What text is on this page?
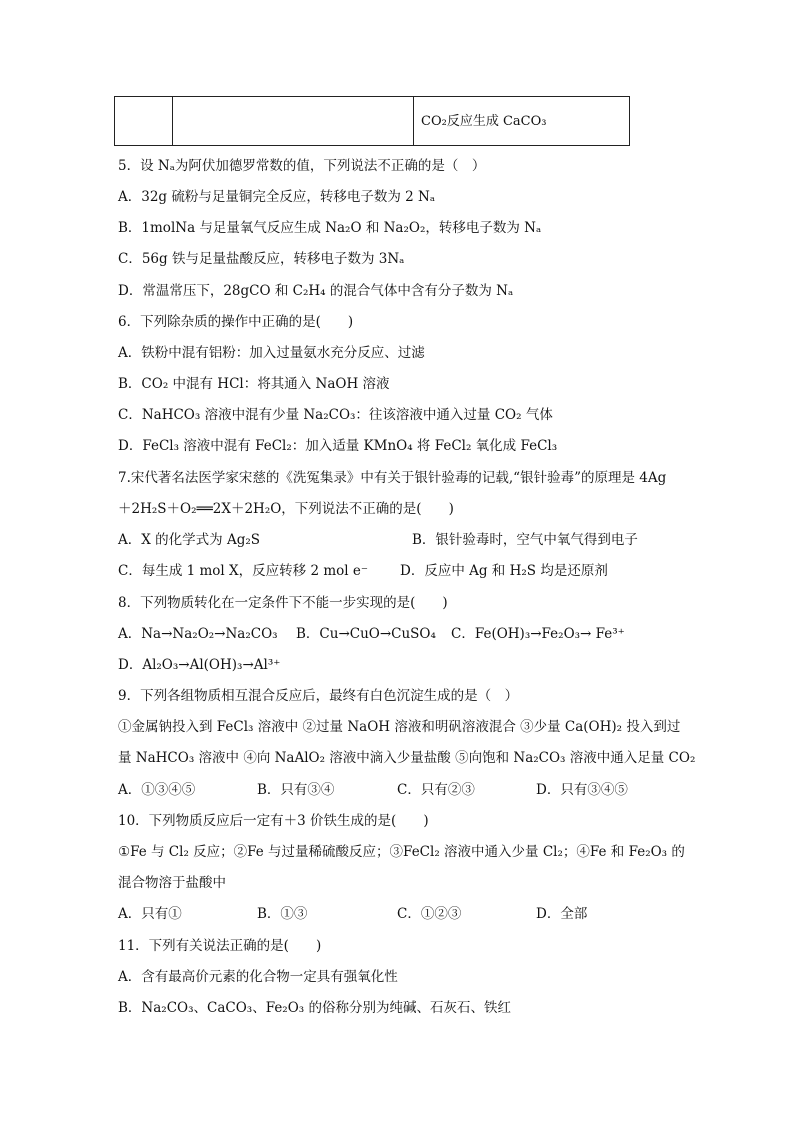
CO₂反应生成 CaCO₃
5．设 Nₐ为阿伏加德罗常数的值，下列说法不正确的是（　）
A．32g 硫粉与足量铜完全反应，转移电子数为 2 Nₐ
B．1molNa 与足量氧气反应生成 Na₂O 和 Na₂O₂，转移电子数为 Nₐ
C．56g 铁与足量盐酸反应，转移电子数为 3Nₐ
D．常温常压下，28gCO 和 C₂H₄ 的混合气体中含有分子数为 Nₐ
6．下列除杂质的操作中正确的是(　　)
A．铁粉中混有铝粉：加入过量氨水充分反应、过滤
B．CO₂ 中混有 HCl：将其通入 NaOH 溶液
C．NaHCO₃ 溶液中混有少量 Na₂CO₃：往该溶液中通入过量 CO₂ 气体
D．FeCl₃ 溶液中混有 FeCl₂：加入适量 KMnO₄ 将 FeCl₂ 氧化成 FeCl₃
7.宋代著名法医学家宋慈的《洗冤集录》中有关于银针验毒的记载,“银针验毒”的原理是 4Ag
＋2H₂S＋O₂══2X＋2H₂O，下列说法不正确的是(　　)
A．X 的化学式为 Ag₂S	B．银针验毒时，空气中氧气得到电子
C．每生成 1 mol X，反应转移 2 mol e⁻ D．反应中 Ag 和 H₂S 均是还原剂
8．下列物质转化在一定条件下不能一步实现的是(　　)
A．Na→Na₂O₂→Na₂CO₃ B．Cu→CuO→CuSO₄ C．Fe(OH)₃→Fe₂O₃→ Fe³⁺
D．Al₂O₃→Al(OH)₃→Al³⁺
9．下列各组物质相互混合反应后，最终有白色沉淀生成的是（　）
①金属钠投入到 FeCl₃ 溶液中 ②过量 NaOH 溶液和明矾溶液混合 ③少量 Ca(OH)₂ 投入到过
量 NaHCO₃ 溶液中 ④向 NaAlO₂ 溶液中滴入少量盐酸 ⑤向饱和 Na₂CO₃ 溶液中通入足量 CO₂
A．①③④⑤	B．只有③④	C．只有②③	D．只有③④⑤
10．下列物质反应后一定有＋3 价铁生成的是(　　)
①Fe 与 Cl₂ 反应；②Fe 与过量稀硫酸反应；③FeCl₂ 溶液中通入少量 Cl₂；④Fe 和 Fe₂O₃ 的
混合物溶于盐酸中
A．只有①	B．①③	C．①②③	D．全部
11．下列有关说法正确的是(　　)
A．含有最高价元素的化合物一定具有强氧化性
B．Na₂CO₃、CaCO₃、Fe₂O₃ 的俗称分别为纯碱、石灰石、铁红
